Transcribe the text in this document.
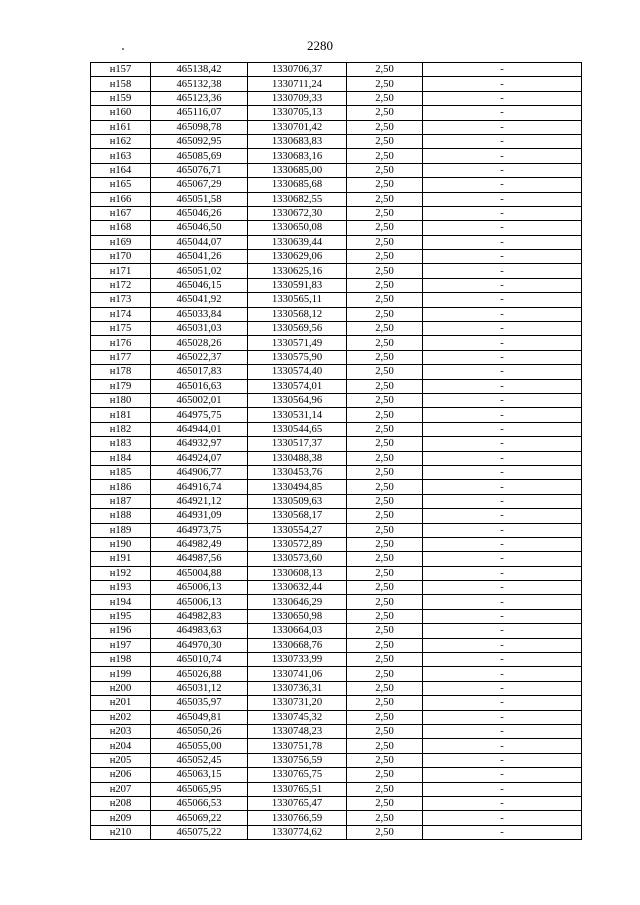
2280
н157	465138,42	1330706,37	2,50	-
н158	465132,38	1330711,24	2,50	-
н159	465123,36	1330709,33	2,50	-
н160	465116,07	1330705,13	2,50	-
н161	465098,78	1330701,42	2,50	-
н162	465092,95	1330683,83	2,50	-
н163	465085,69	1330683,16	2,50	-
н164	465076,71	1330685,00	2,50	-
н165	465067,29	1330685,68	2,50	-
н166	465051,58	1330682,55	2,50	-
н167	465046,26	1330672,30	2,50	-
н168	465046,50	1330650,08	2,50	-
н169	465044,07	1330639,44	2,50	-
н170	465041,26	1330629,06	2,50	-
н171	465051,02	1330625,16	2,50	-
н172	465046,15	1330591,83	2,50	-
н173	465041,92	1330565,11	2,50	-
н174	465033,84	1330568,12	2,50	-
н175	465031,03	1330569,56	2,50	-
н176	465028,26	1330571,49	2,50	-
н177	465022,37	1330575,90	2,50	-
н178	465017,83	1330574,40	2,50	-
н179	465016,63	1330574,01	2,50	-
н180	465002,01	1330564,96	2,50	-
н181	464975,75	1330531,14	2,50	-
н182	464944,01	1330544,65	2,50	-
н183	464932,97	1330517,37	2,50	-
н184	464924,07	1330488,38	2,50	-
н185	464906,77	1330453,76	2,50	-
н186	464916,74	1330494,85	2,50	-
н187	464921,12	1330509,63	2,50	-
н188	464931,09	1330568,17	2,50	-
н189	464973,75	1330554,27	2,50	-
н190	464982,49	1330572,89	2,50	-
н191	464987,56	1330573,60	2,50	-
н192	465004,88	1330608,13	2,50	-
н193	465006,13	1330632,44	2,50	-
н194	465006,13	1330646,29	2,50	-
н195	464982,83	1330650,98	2,50	-
н196	464983,63	1330664,03	2,50	-
н197	464970,30	1330668,76	2,50	-
н198	465010,74	1330733,99	2,50	-
н199	465026,88	1330741,06	2,50	-
н200	465031,12	1330736,31	2,50	-
н201	465035,97	1330731,20	2,50	-
н202	465049,81	1330745,32	2,50	-
н203	465050,26	1330748,23	2,50	-
н204	465055,00	1330751,78	2,50	-
н205	465052,45	1330756,59	2,50	-
н206	465063,15	1330765,75	2,50	-
н207	465065,95	1330765,51	2,50	-
н208	465066,53	1330765,47	2,50	-
н209	465069,22	1330766,59	2,50	-
н210	465075,22	1330774,62	2,50	-
